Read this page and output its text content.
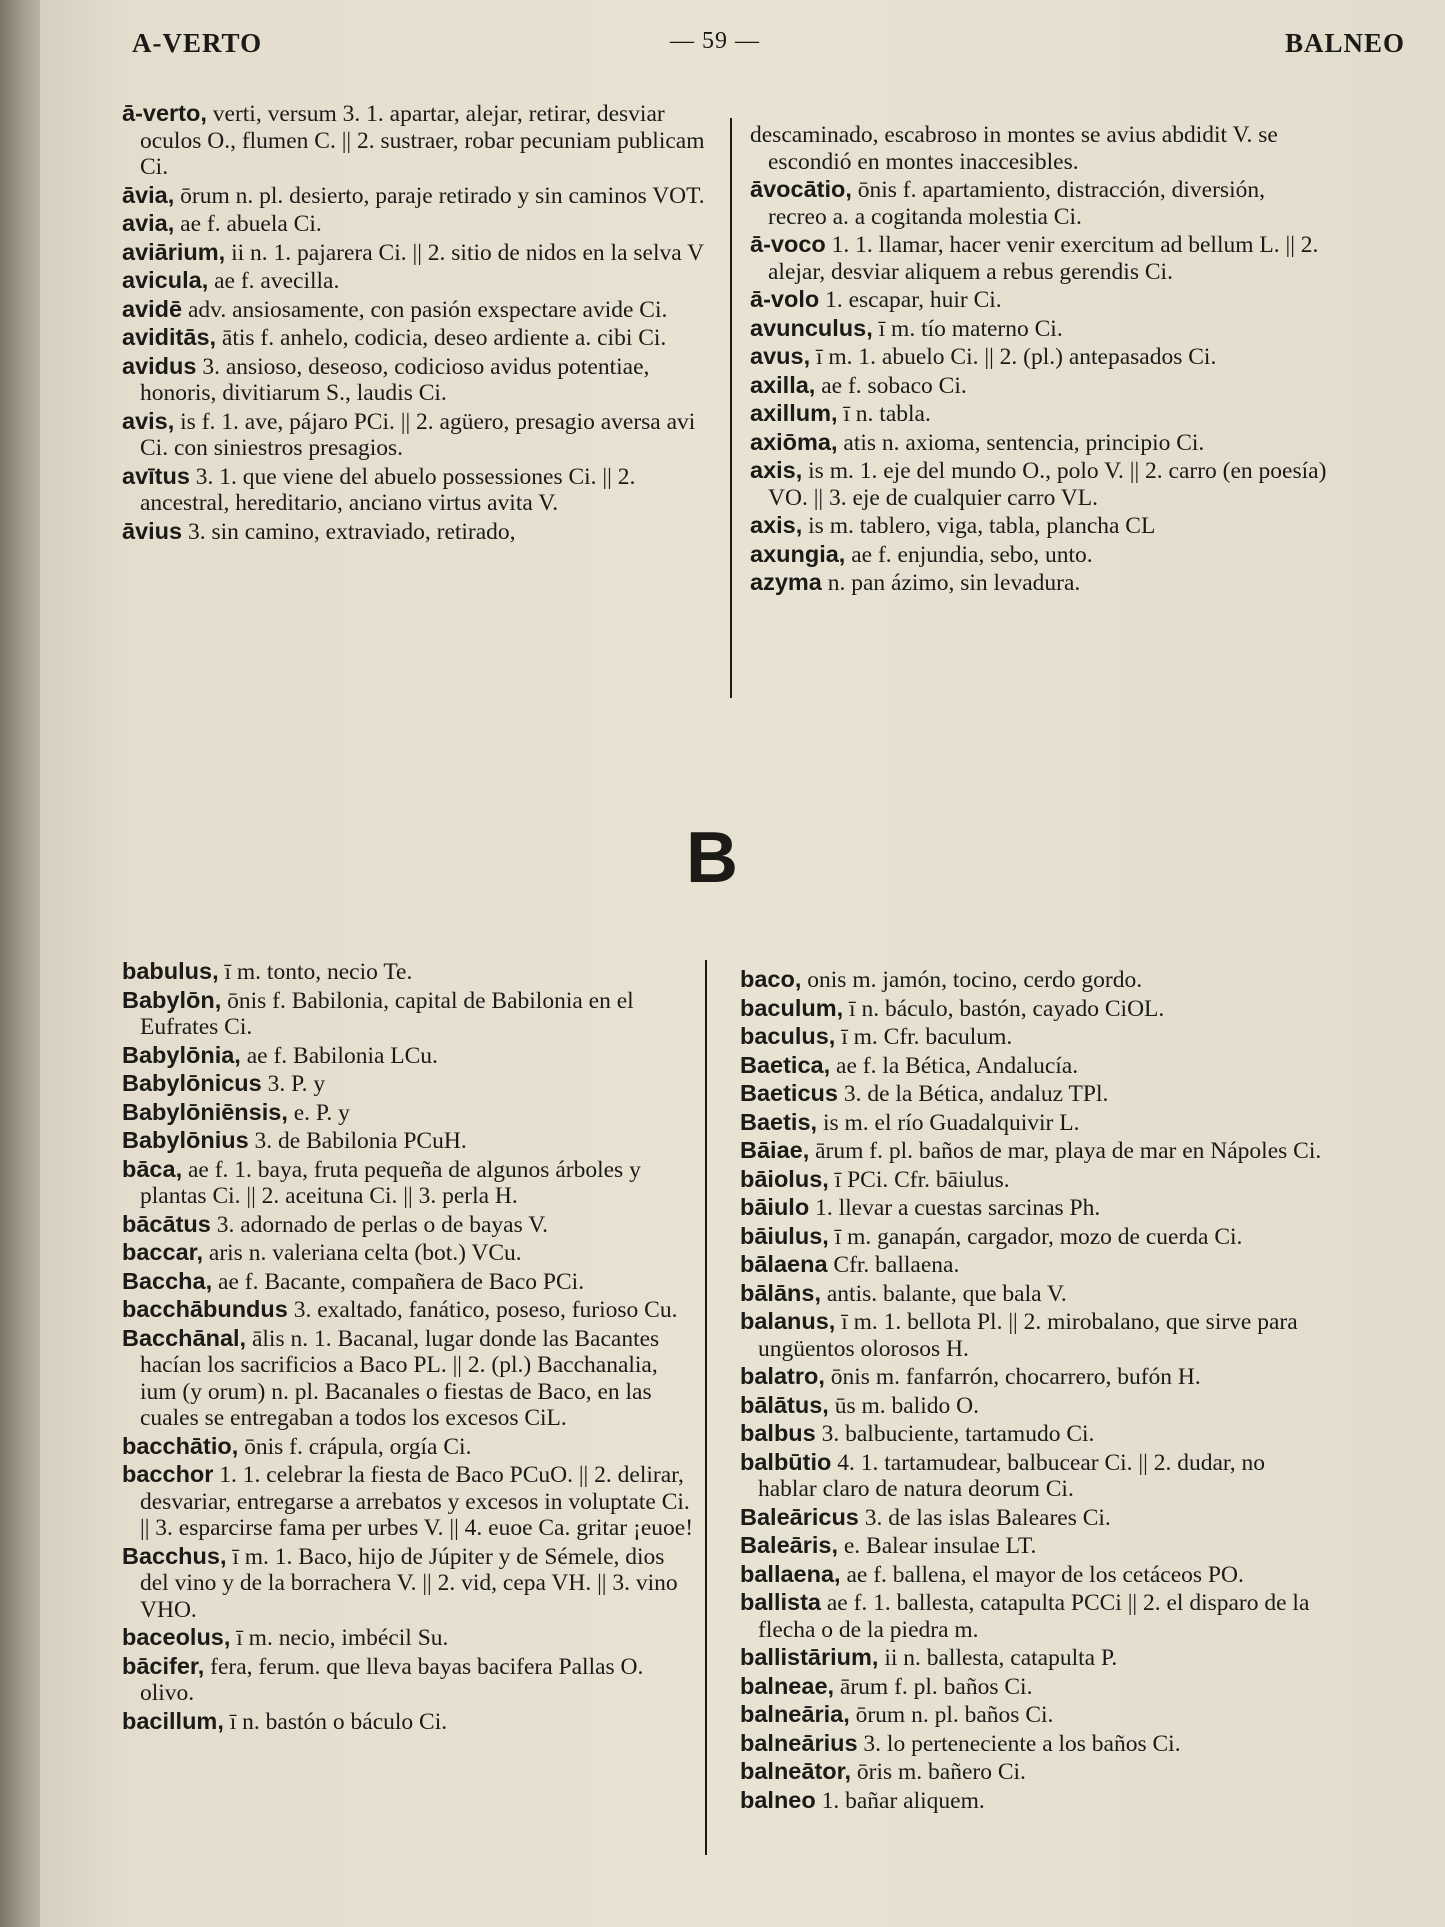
A-VERTO	— 59 —	BALNEO

ā-verto, verti, versum 3. 1. apartar, alejar, retirar, desviar oculos O., flumen C. || 2. sustraer, robar pecuniam publicam Ci.

āvia, ōrum n. pl. desierto, paraje retirado y sin caminos VOT.

avia, ae f. abuela Ci.

aviārium, ii n. 1. pajarera Ci. || 2. sitio de nidos en la selva V

avicula, ae f. avecilla.

avidē adv. ansiosamente, con pasión exspectare avide Ci.

aviditās, ātis f. anhelo, codicia, deseo ardiente a. cibi Ci.

avidus 3. ansioso, deseoso, codicioso avidus potentiae, honoris, divitiarum S., laudis Ci.

avis, is f. 1. ave, pájaro PCi. || 2. agüero, presagio aversa avi Ci. con siniestros presagios.

avītus 3. 1. que viene del abuelo possessiones Ci. || 2. ancestral, hereditario, anciano virtus avita V.

āvius 3. sin camino, extraviado, retirado,

descaminado, escabroso in montes se avius abdidit V. se escondió en montes inaccesibles.

āvocātio, ōnis f. apartamiento, distracción, diversión, recreo a. a cogitanda molestia Ci.

ā-voco 1. 1. llamar, hacer venir exercitum ad bellum L. || 2. alejar, desviar aliquem a rebus gerendis Ci.

ā-volo 1. escapar, huir Ci.

avunculus, ī m. tío materno Ci.

avus, ī m. 1. abuelo Ci. || 2. (pl.) antepasados Ci.

axilla, ae f. sobaco Ci.

axillum, ī n. tabla.

axiōma, atis n. axioma, sentencia, principio Ci.

axis, is m. 1. eje del mundo O., polo V. || 2. carro (en poesía) VO. || 3. eje de cualquier carro VL.

axis, is m. tablero, viga, tabla, plancha CL

axungia, ae f. enjundia, sebo, unto.

azyma n. pan ázimo, sin levadura.

B

babulus, ī m. tonto, necio Te.

Babylōn, ōnis f. Babilonia, capital de Babilonia en el Eufrates Ci.

Babylōnia, ae f. Babilonia LCu.

Babylōnicus 3. P. y

Babylōniēnsis, e. P. y

Babylōnius 3. de Babilonia PCuH.

bāca, ae f. 1. baya, fruta pequeña de algunos árboles y plantas Ci. || 2. aceituna Ci. || 3. perla H.

bācātus 3. adornado de perlas o de bayas V.

baccar, aris n. valeriana celta (bot.) VCu.

Baccha, ae f. Bacante, compañera de Baco PCi.

bacchābundus 3. exaltado, fanático, poseso, furioso Cu.

Bacchānal, ālis n. 1. Bacanal, lugar donde las Bacantes hacían los sacrificios a Baco PL. || 2. (pl.) Bacchanalia, ium (y orum) n. pl. Bacanales o fiestas de Baco, en las cuales se entregaban a todos los excesos CiL.

bacchātio, ōnis f. crápula, orgía Ci.

bacchor 1. 1. celebrar la fiesta de Baco PCuO. || 2. delirar, desvariar, entregarse a arrebatos y excesos in voluptate Ci. || 3. esparcirse fama per urbes V. || 4. euoe Ca. gritar ¡euoe!

Bacchus, ī m. 1. Baco, hijo de Júpiter y de Sémele, dios del vino y de la borrachera V. || 2. vid, cepa VH. || 3. vino VHO.

baceolus, ī m. necio, imbécil Su.

bācifer, fera, ferum. que lleva bayas bacifera Pallas O. olivo.

bacillum, ī n. bastón o báculo Ci.

baco, onis m. jamón, tocino, cerdo gordo.

baculum, ī n. báculo, bastón, cayado CiOL.

baculus, ī m. Cfr. baculum.

Baetica, ae f. la Bética, Andalucía.

Baeticus 3. de la Bética, andaluz TPl.

Baetis, is m. el río Guadalquivir L.

Bāiae, ārum f. pl. baños de mar, playa de mar en Nápoles Ci.

bāiolus, ī PCi. Cfr. bāiulus.

bāiulo 1. llevar a cuestas sarcinas Ph.

bāiulus, ī m. ganapán, cargador, mozo de cuerda Ci.

bālaena Cfr. ballaena.

bālāns, antis. balante, que bala V.

balanus, ī m. 1. bellota Pl. || 2. mirobalano, que sirve para ungüentos olorosos H.

balatro, ōnis m. fanfarrón, chocarrero, bufón H.

bālātus, ūs m. balido O.

balbus 3. balbuciente, tartamudo Ci.

balbūtio 4. 1. tartamudear, balbucear Ci. || 2. dudar, no hablar claro de natura deorum Ci.

Baleāricus 3. de las islas Baleares Ci.

Baleāris, e. Balear insulae LT.

ballaena, ae f. ballena, el mayor de los cetáceos PO.

ballista ae f. 1. ballesta, catapulta PCCi || 2. el disparo de la flecha o de la piedra m.

ballistārium, ii n. ballesta, catapulta P.

balneae, ārum f. pl. baños Ci.

balneāria, ōrum n. pl. baños Ci.

balneārius 3. lo perteneciente a los baños Ci.

balneātor, ōris m. bañero Ci.

balneo 1. bañar aliquem.
